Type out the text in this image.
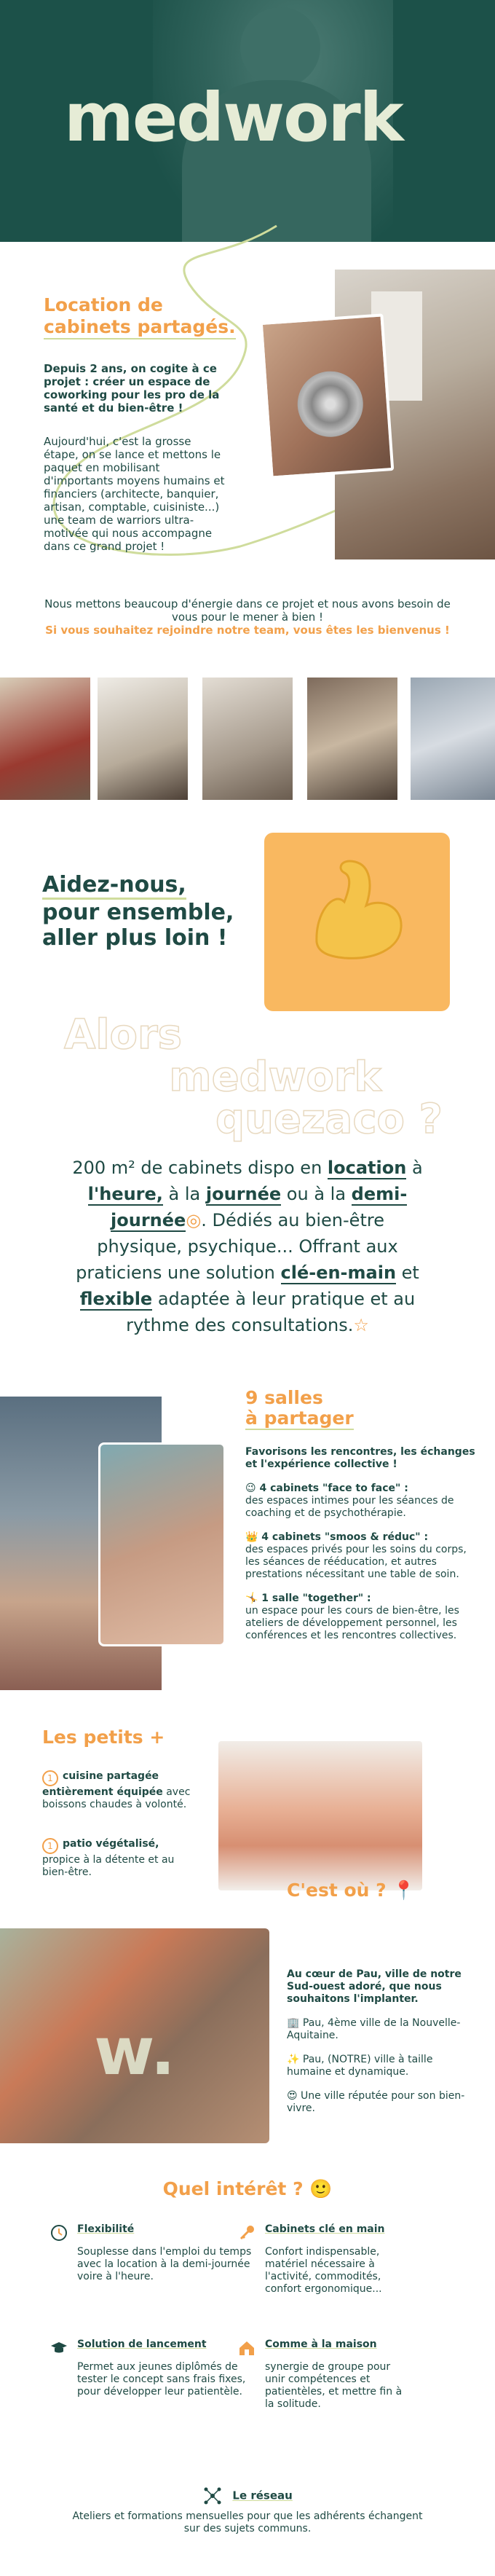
medwork
Location de
cabinets partagés.
Depuis 2 ans, on cogite à ce projet : créer un espace de coworking pour les pro de la santé et du bien-être !
Aujourd'hui, c'est la grosse étape, on se lance et mettons le paquet en mobilisant d'importants moyens humains et financiers (architecte, banquier, artisan, comptable, cuisiniste...) une team de warriors ultra-motivée qui nous accompagne dans ce grand projet !
Nous mettons beaucoup d'énergie dans ce projet et nous avons besoin de vous pour le mener à bien !
Si vous souhaitez rejoindre notre team, vous êtes les bienvenus !
Aidez-nous,
pour ensemble,
aller plus loin !
Alors
medwork
quezaco ?
200 m² de cabinets dispo en location à l'heure, à la journée ou à la demi-journée◎. Dédiés au bien-être physique, psychique... Offrant aux praticiens une solution clé-en-main et flexible adaptée à leur pratique et au rythme des consultations.☆
9 salles
à partager

Favorisons les rencontres, les échanges et l'expérience collective !

😉 4 cabinets "face to face" :
des espaces intimes pour les séances de coaching et de psychothérapie.

👑 4 cabinets "smoos & réduc" :
des espaces privés pour les soins du corps, les séances de rééducation, et autres prestations nécessitant une table de soin.

🤸 1 salle "together" :
un espace pour les cours de bien-être, les ateliers de développement personnel, les conférences et les rencontres collectives.

Les petits +
1 cuisine partagée entièrement équipée avec boissons chaudes à volonté.
1 patio végétalisé, propice à la détente et au bien-être.
w.
C'est où ? 📍

Au cœur de Pau, ville de notre Sud-ouest adoré, que nous souhaitons l'implanter.

🏢 Pau, 4ème ville de la Nouvelle-Aquitaine.

✨ Pau, (NOTRE) ville à taille humaine et dynamique.

😍 Une ville réputée pour son bien-vivre.

Quel intérêt ? 🙂
Flexibilité
Souplesse dans l'emploi du temps avec la location à la demi-journée voire à l'heure.
Cabinets clé en main
Confort indispensable, matériel nécessaire à l'activité, commodités, confort ergonomique...
Solution de lancement
Permet aux jeunes diplômés de tester le concept sans frais fixes, pour développer leur patientèle.
Comme à la maison
synergie de groupe pour unir compétences et patientèles, et mettre fin à la solitude.
Le réseau
Ateliers et formations mensuelles pour que les adhérents échangent sur des sujets communs.
